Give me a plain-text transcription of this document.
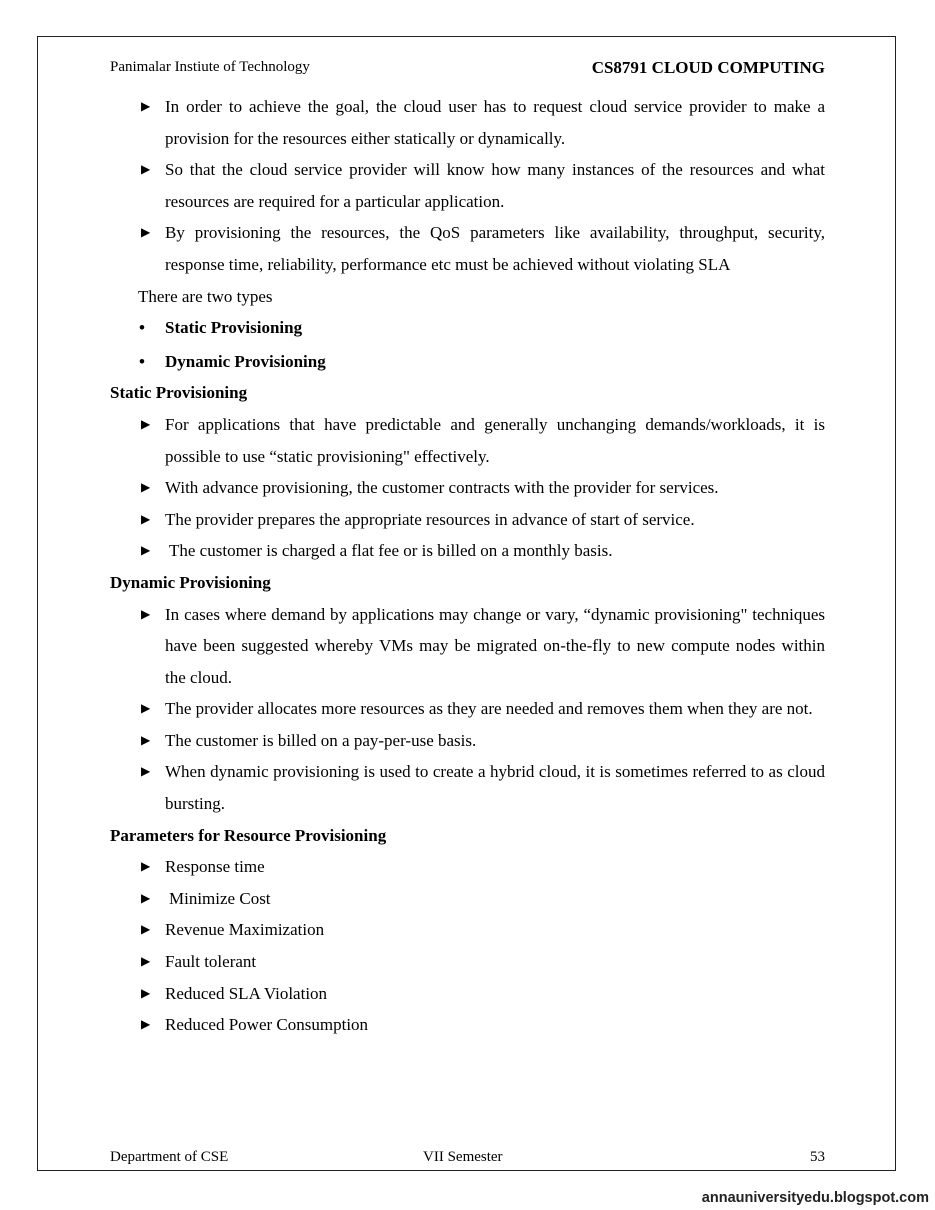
Panimalar Instiute of Technology	CS8791 CLOUD COMPUTING
▶ In order to achieve the goal, the cloud user has to request cloud service provider to make a provision for the resources either statically or dynamically.
▶ So that the cloud service provider will know how many instances of the resources and what resources are required for a particular application.
▶ By provisioning the resources, the QoS parameters like availability, throughput, security, response time, reliability, performance etc must be achieved without violating SLA
There are two types
• Static Provisioning
• Dynamic Provisioning
Static Provisioning
▶ For applications that have predictable and generally unchanging demands/workloads, it is possible to use “static provisioning" effectively.
▶ With advance provisioning, the customer contracts with the provider for services.
▶ The provider prepares the appropriate resources in advance of start of service.
▶ The customer is charged a flat fee or is billed on a monthly basis.
Dynamic Provisioning
▶ In cases where demand by applications may change or vary, “dynamic provisioning" techniques have been suggested whereby VMs may be migrated on-the-fly to new compute nodes within the cloud.
▶ The provider allocates more resources as they are needed and removes them when they are not.
▶ The customer is billed on a pay-per-use basis.
▶ When dynamic provisioning is used to create a hybrid cloud, it is sometimes referred to as cloud bursting.
Parameters for Resource Provisioning
▶ Response time
▶ Minimize Cost
▶ Revenue Maximization
▶ Fault tolerant
▶ Reduced SLA Violation
▶ Reduced Power Consumption
Department of CSE	VII Semester	53
annauniversityedu.blogspot.com
